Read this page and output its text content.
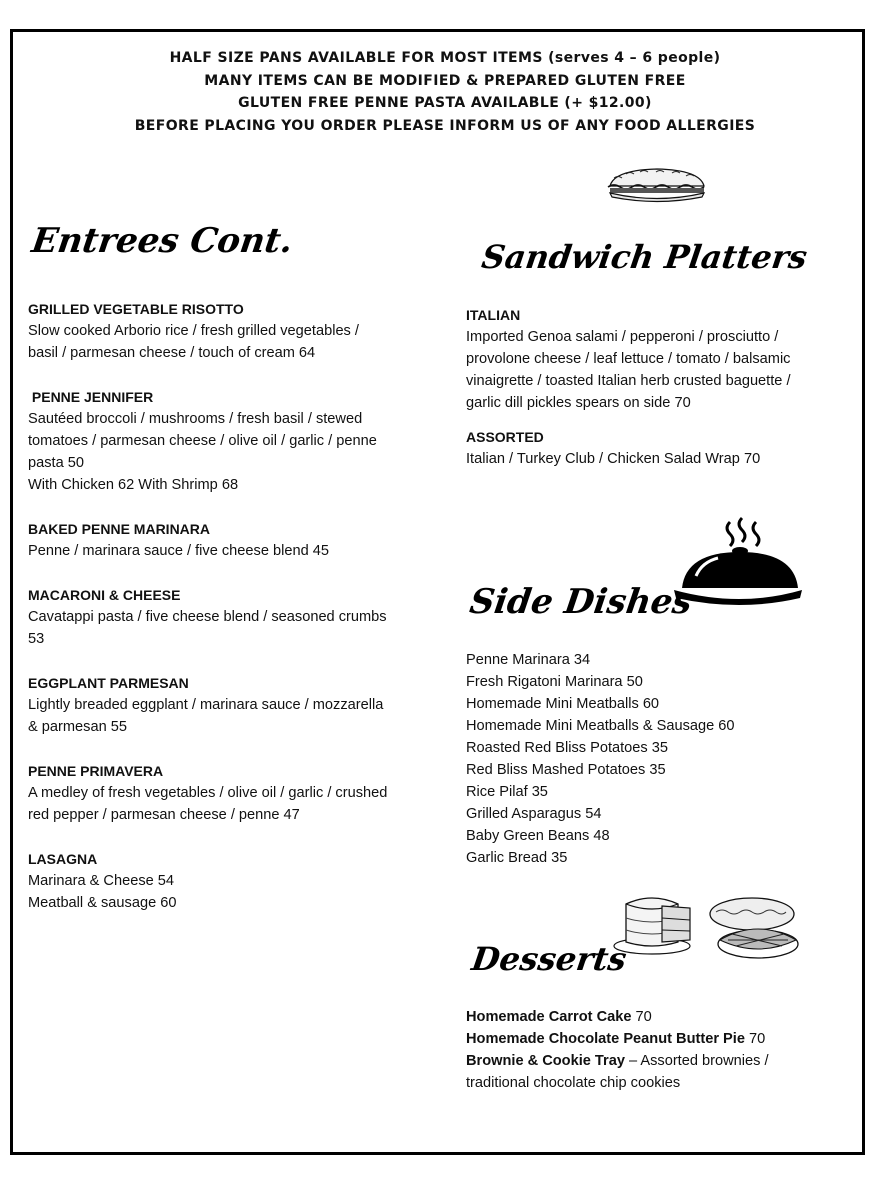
HALF SIZE PANS AVAILABLE FOR MOST ITEMS (serves 4 – 6 people)
MANY ITEMS CAN BE MODIFIED & PREPARED GLUTEN FREE
GLUTEN FREE PENNE PASTA AVAILABLE (+ $12.00)
BEFORE PLACING YOU ORDER PLEASE INFORM US OF ANY FOOD ALLERGIES
Entrees Cont.	Sandwich Platters
GRILLED VEGETABLE RISOTTO
Slow cooked Arborio rice / fresh grilled vegetables /
basil / parmesan cheese / touch of cream 64
PENNE JENNIFER
Sautéed broccoli / mushrooms / fresh basil / stewed
tomatoes / parmesan cheese / olive oil / garlic / penne
pasta 50
With Chicken 62 With Shrimp 68
BAKED PENNE MARINARA
Penne / marinara sauce / five cheese blend 45
MACARONI & CHEESE
Cavatappi pasta / five cheese blend / seasoned crumbs
53
EGGPLANT PARMESAN
Lightly breaded eggplant / marinara sauce / mozzarella
& parmesan 55
PENNE PRIMAVERA
A medley of fresh vegetables / olive oil / garlic / crushed
red pepper / parmesan cheese / penne 47
LASAGNA
Marinara & Cheese 54
Meatball & sausage 60
ITALIAN
Imported Genoa salami / pepperoni / prosciutto /
provolone cheese / leaf lettuce / tomato / balsamic
vinaigrette / toasted Italian herb crusted baguette /
garlic dill pickles spears on side 70
ASSORTED
Italian / Turkey Club / Chicken Salad Wrap 70
Side Dishes
Penne Marinara 34
Fresh Rigatoni Marinara 50
Homemade Mini Meatballs 60
Homemade Mini Meatballs & Sausage 60
Roasted Red Bliss Potatoes 35
Red Bliss Mashed Potatoes 35
Rice Pilaf 35
Grilled Asparagus 54
Baby Green Beans 48
Garlic Bread 35
Desserts
Homemade Carrot Cake 70
Homemade Chocolate Peanut Butter Pie 70
Brownie & Cookie Tray – Assorted brownies /
traditional chocolate chip cookies
